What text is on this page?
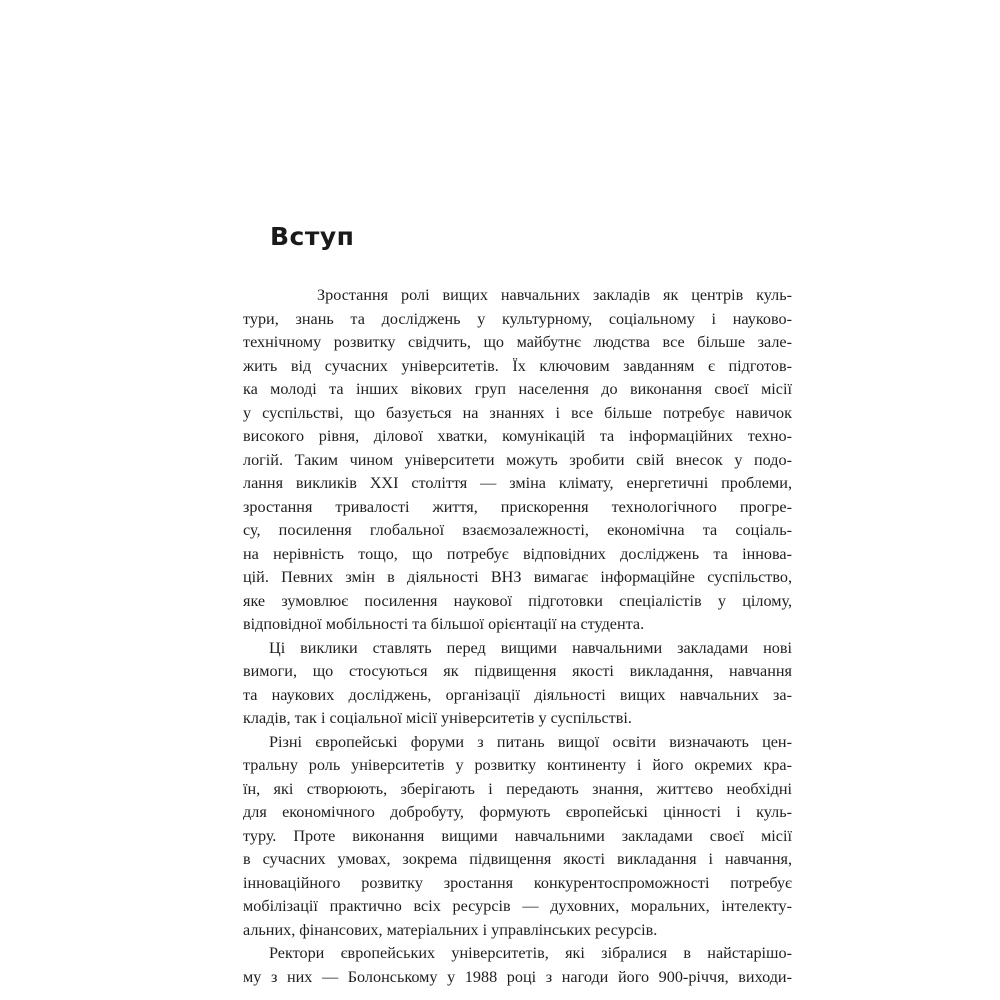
Вступ
Зростання ролі вищих навчальних закладів як центрів куль-
тури, знань та досліджень у культурному, соціальному і науково-
технічному розвитку свідчить, що майбутнє людства все більше зале-
жить від сучасних університетів. Їх ключовим завданням є підготов-
ка молоді та інших вікових груп населення до виконання своєї місії
у суспільстві, що базується на знаннях і все більше потребує навичок
високого рівня, ділової хватки, комунікацій та інформаційних техно-
логій. Таким чином університети можуть зробити свій внесок у подо-
лання викликів XXI століття — зміна клімату, енергетичні проблеми,
зростання тривалості життя, прискорення технологічного прогре-
су, посилення глобальної взаємозалежності, економічна та соціаль-
на нерівність тощо, що потребує відповідних досліджень та іннова-
цій. Певних змін в діяльності ВНЗ вимагає інформаційне суспільство,
яке зумовлює посилення наукової підготовки спеціалістів у цілому,
відповідної мобільності та більшої орієнтації на студента.
Ці виклики ставлять перед вищими навчальними закладами нові
вимоги, що стосуються як підвищення якості викладання, навчання
та наукових досліджень, організації діяльності вищих навчальних за-
кладів, так і соціальної місії університетів у суспільстві.
Різні європейські форуми з питань вищої освіти визначають цен-
тральну роль університетів у розвитку континенту і його окремих кра-
їн, які створюють, зберігають і передають знання, життєво необхідні
для економічного добробуту, формують європейські цінності і куль-
туру. Проте виконання вищими навчальними закладами своєї місії
в сучасних умовах, зокрема підвищення якості викладання і навчання,
інноваційного розвитку зростання конкурентоспроможності потребує
мобілізації практично всіх ресурсів — духовних, моральних, інтелекту-
альних, фінансових, матеріальних і управлінських ресурсів.
Ректори європейських університетів, які зібралися в найстарішо-
му з них — Болонському у 1988 році з нагоди його 900-річчя, виходи-
